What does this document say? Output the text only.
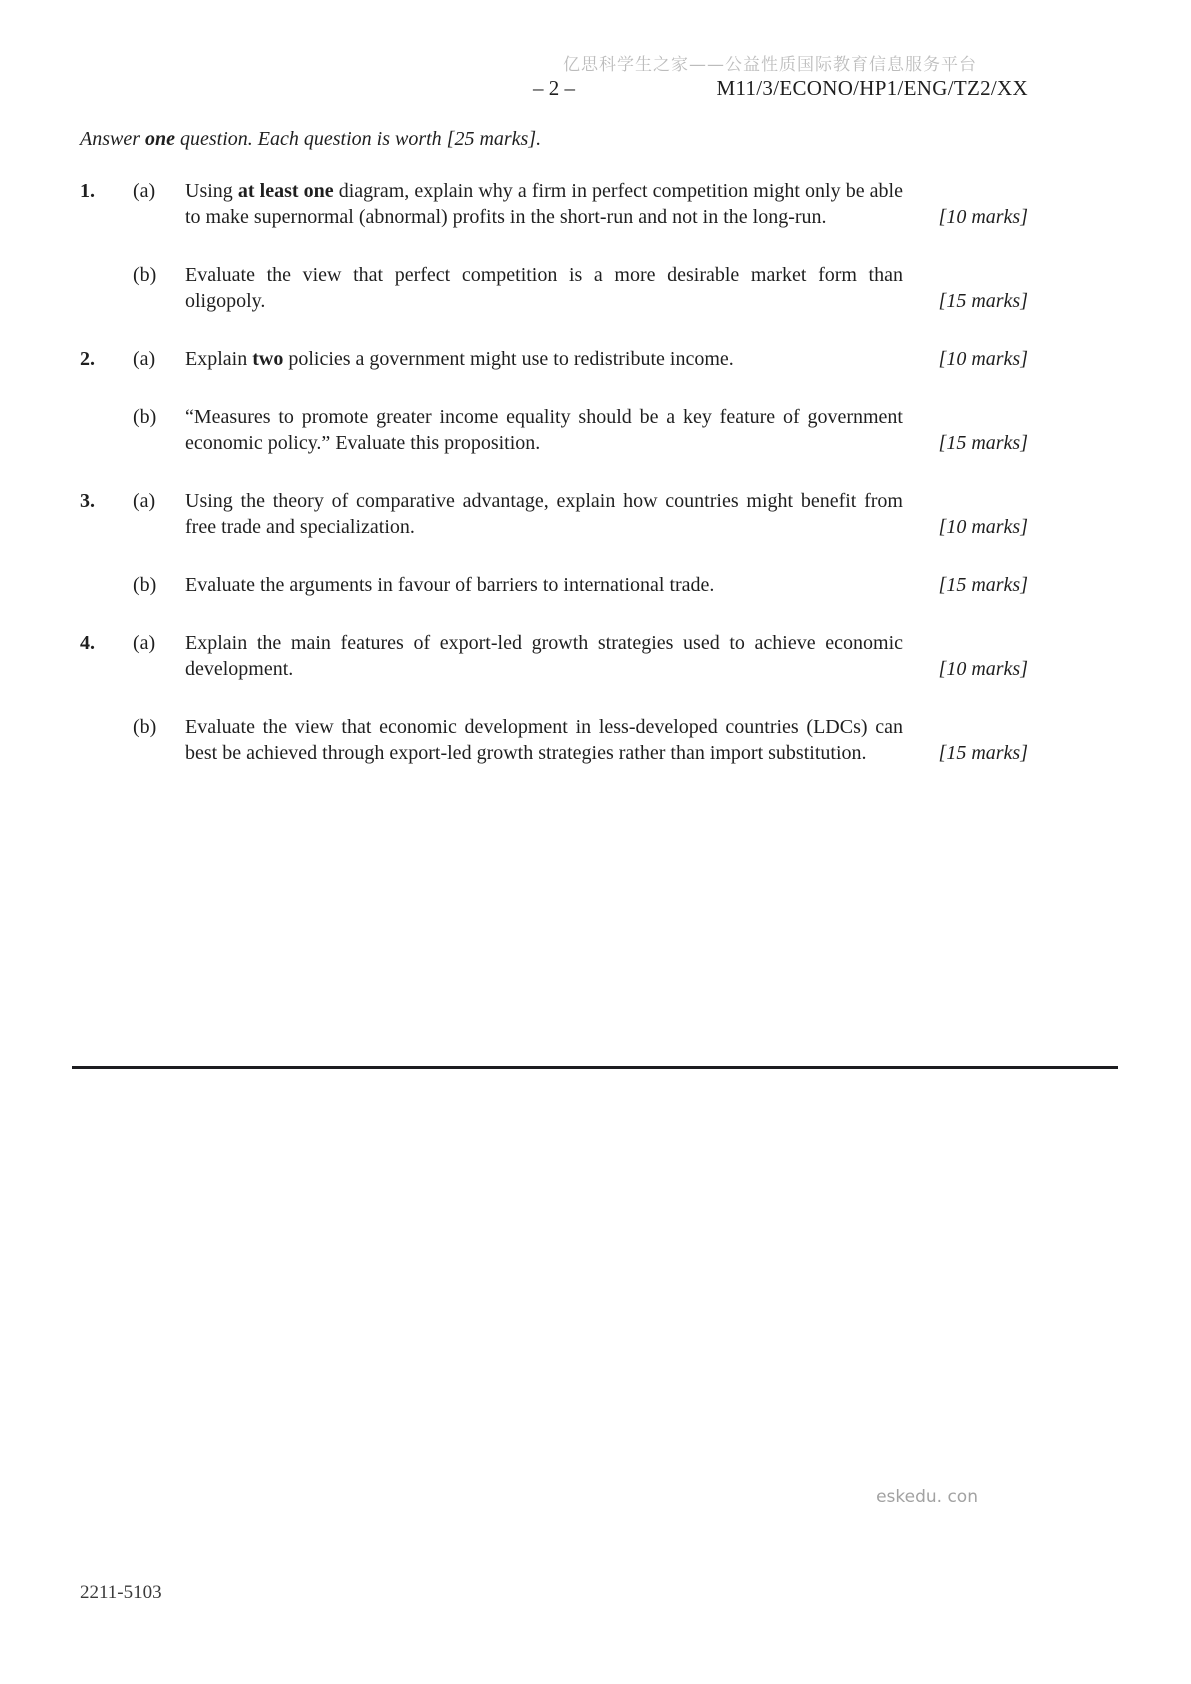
亿思科学生之家——公益性质国际教育信息服务平台
– 2 –	M11/3/ECONO/HP1/ENG/TZ2/XX
Answer one question. Each question is worth [25 marks].
1.	(a)	Using at least one diagram, explain why a firm in perfect competition might only be able to make supernormal (abnormal) profits in the short-run and not in the long-run.	[10 marks]
(b)	Evaluate the view that perfect competition is a more desirable market form than oligopoly.	[15 marks]
2.	(a)	Explain two policies a government might use to redistribute income.	[10 marks]
(b)	“Measures to promote greater income equality should be a key feature of government economic policy.” Evaluate this proposition.	[15 marks]
3.	(a)	Using the theory of comparative advantage, explain how countries might benefit from free trade and specialization.	[10 marks]
(b)	Evaluate the arguments in favour of barriers to international trade.	[15 marks]
4.	(a)	Explain the main features of export-led growth strategies used to achieve economic development.	[10 marks]
(b)	Evaluate the view that economic development in less-developed countries (LDCs) can best be achieved through export-led growth strategies rather than import substitution.	[15 marks]
2211-5103
eskedu. con
